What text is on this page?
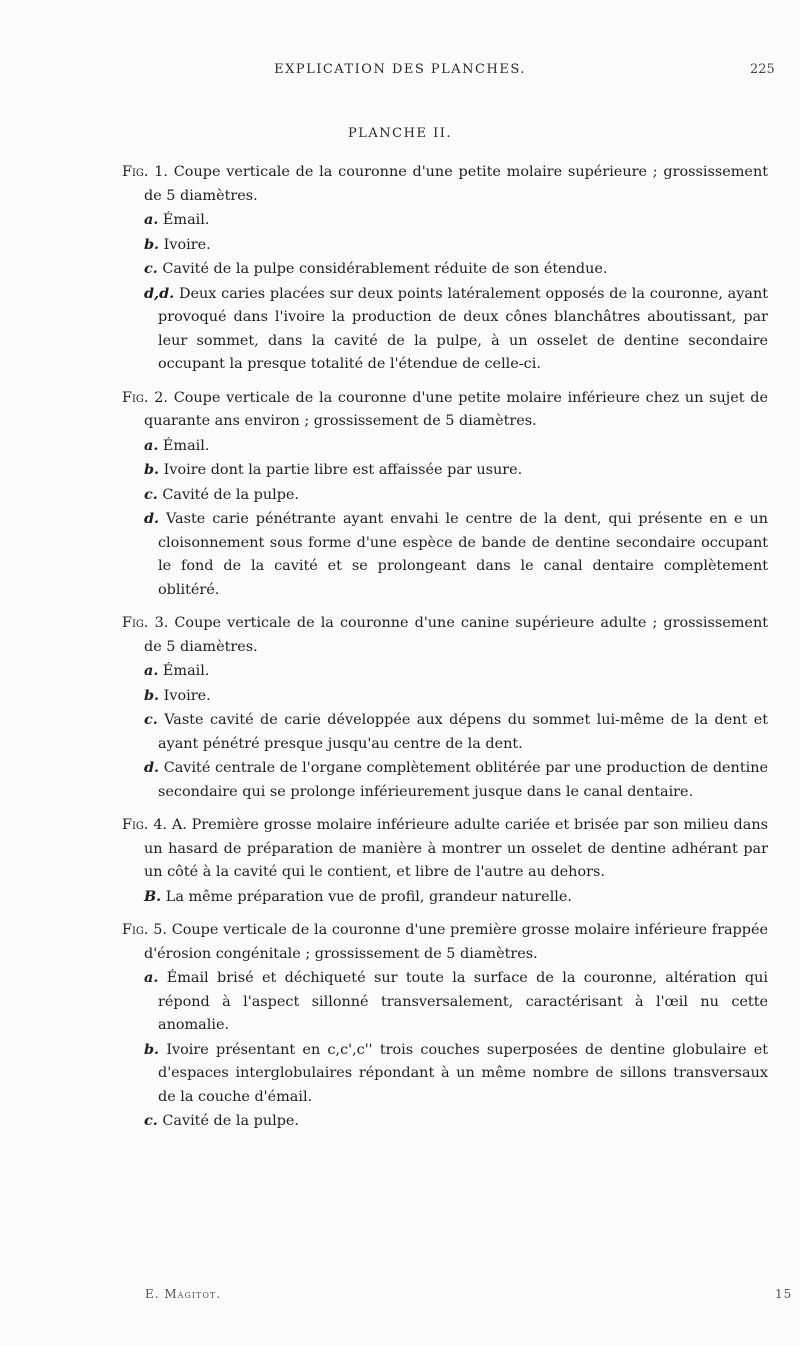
EXPLICATION DES PLANCHES.	225
PLANCHE II.

Fig. 1. Coupe verticale de la couronne d'une petite molaire supérieure ; grossissement de 5 diamètres.

a. Émail.

b. Ivoire.

c. Cavité de la pulpe considérablement réduite de son étendue.

d,d. Deux caries placées sur deux points latéralement opposés de la couronne, ayant provoqué dans l'ivoire la production de deux cônes blanchâtres aboutissant, par leur sommet, dans la cavité de la pulpe, à un osselet de dentine secondaire occupant la presque totalité de l'étendue de celle-ci.

Fig. 2. Coupe verticale de la couronne d'une petite molaire inférieure chez un sujet de quarante ans environ ; grossissement de 5 diamètres.

a. Émail.

b. Ivoire dont la partie libre est affaissée par usure.

c. Cavité de la pulpe.

d. Vaste carie pénétrante ayant envahi le centre de la dent, qui présente en e un cloisonnement sous forme d'une espèce de bande de dentine secondaire occupant le fond de la cavité et se prolongeant dans le canal dentaire complètement oblitéré.

Fig. 3. Coupe verticale de la couronne d'une canine supérieure adulte ; grossissement de 5 diamètres.

a. Émail.

b. Ivoire.

c. Vaste cavité de carie développée aux dépens du sommet lui-même de la dent et ayant pénétré presque jusqu'au centre de la dent.

d. Cavité centrale de l'organe complètement oblitérée par une production de dentine secondaire qui se prolonge inférieurement jusque dans le canal dentaire.

Fig. 4. A. Première grosse molaire inférieure adulte cariée et brisée par son milieu dans un hasard de préparation de manière à montrer un osselet de dentine adhérant par un côté à la cavité qui le contient, et libre de l'autre au dehors.

B. La même préparation vue de profil, grandeur naturelle.

Fig. 5. Coupe verticale de la couronne d'une première grosse molaire inférieure frappée d'érosion congénitale ; grossissement de 5 diamètres.

a. Émail brisé et déchiqueté sur toute la surface de la couronne, altération qui répond à l'aspect sillonné transversalement, caractérisant à l'œil nu cette anomalie.

b. Ivoire présentant en c,c',c'' trois couches superposées de dentine globulaire et d'espaces interglobulaires répondant à un même nombre de sillons transversaux de la couche d'émail.

c. Cavité de la pulpe.

E. Magitot.	15
